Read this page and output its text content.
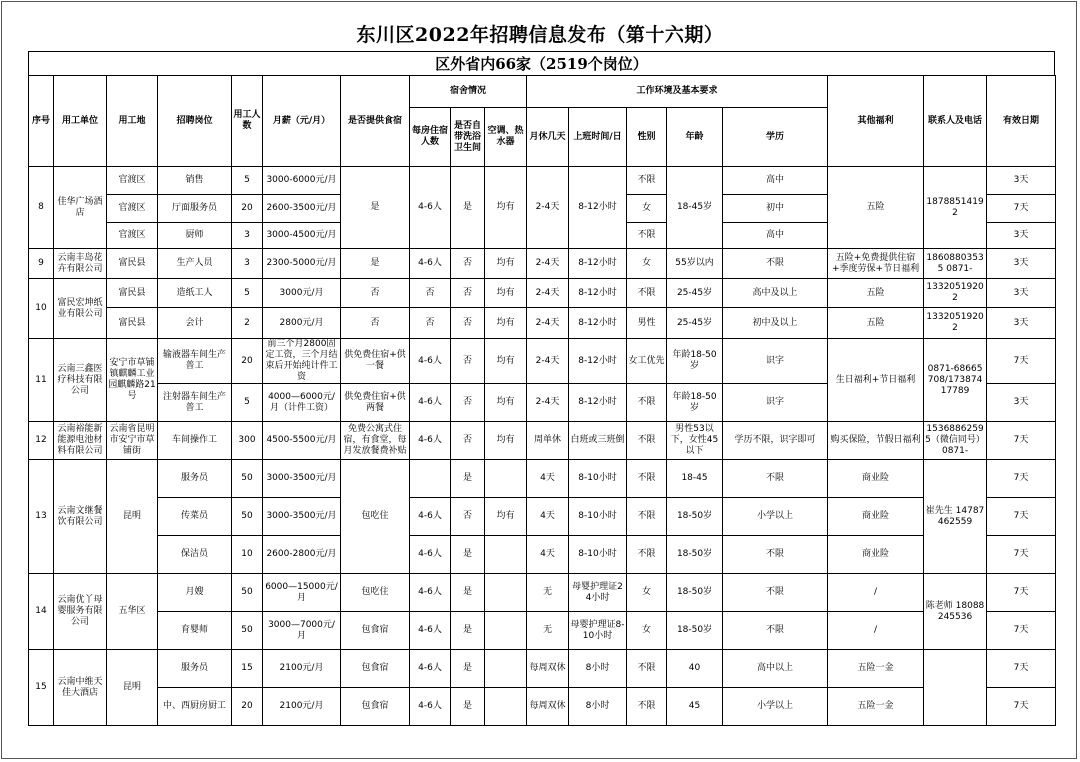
东川区2022年招聘信息发布（第十六期）
区外省内66家（2519个岗位）
序号	用工单位	用工地	招聘岗位	用工人数	月薪（元/月）	是否提供食宿	宿舍情况			工作环境及基本要求					其他福利	联系人及电话	有效日期
							每房住宿人数	是否自带洗浴卫生间	空调、热水器	月休几天	上班时间/日	性别	年龄	学历			
8	佳华广场酒店	官渡区	销售	5	3000-6000元/月	是	4-6人	是	均有	2-4天	8-12小时	不限	18-45岁	高中	五险	18788514192	3天
		官渡区	厅面服务员	20	2600-3500元/月							女		初中			7天
		官渡区	厨师	3	3000-4500元/月							不限		高中			3天
9	云南丰岛花卉有限公司	富民县	生产人员	3	2300-5000元/月	是	4-6人	否	均有	2-4天	8-12小时	女	55岁以内	不限	五险+免费提供住宿+季度劳保+节日福利	18608803535 0871-	3天
10	富民宏坤纸业有限公司	富民县	造纸工人	5	3000元/月	否	否	否	均有	2-4天	8-12小时	不限	25-45岁	高中及以上	五险	13320519202	3天
		富民县	会计	2	2800元/月	否	否	否	均有	2-4天	8-12小时	男性	25-45岁	初中及以上	五险	13320519202	3天
11	云南三鑫医疗科技有限公司	安宁市草铺镇麒麟工业园麒麟路21号	输液器车间生产普工	20	前三个月2800固定工资，三个月结束后开始纯计件工资	供免费住宿+供一餐	4-6人	否	均有	2-4天	8-12小时	女工优先	年龄18-50岁	识字	生日福利+节日福利	0871-68665708/17387417789	7天
			注射器车间生产普工	5	4000—6000元/月（计件工资）	供免费住宿+供两餐	4-6人	否	均有	2-4天	8-12小时	不限	年龄18-50岁	识字			3天
12	云南裕能新能源电池材料有限公司	云南省昆明市安宁市草铺街	车间操作工	300	4500-5500元/月	免费公寓式住宿，有食堂，每月发放餐费补贴	4-6人	否	均有	周单休	白班或三班倒	不限	男性53以下，女性45以下	学历不限，识字即可	购买保险，节假日福利	15368862595（微信同号）0871-	7天
13	云南文继餐饮有限公司	昆明	服务员	50	3000-3500元/月	包吃住		是		4天	8-10小时	不限	18-45	不限	商业险	崔先生 14787462559	7天
			传菜员	50	3000-3500元/月		4-6人	否	均有	4天	8-10小时	不限	18-50岁	小学以上	商业险		7天
			保洁员	10	2600-2800元/月		4-6人	是		4天	8-10小时	不限	18-50岁	不限	商业险		7天
14	云南优丫母婴服务有限公司	五华区	月嫂	50	6000—15000元/月	包吃住	4-6人	是		无	母婴护理证24小时	女	18-50岁	不限	/	陈老师 18088245536	7天
			育婴师	50	3000—7000元/月	包食宿	4-6人	是		无	母婴护理证8-10小时	女	18-50岁	不限	/		7天
15	云南中维天佳大酒店	昆明	服务员	15	2100元/月	包食宿	4-6人	是		每周双休	8小时	不限	40	高中以上	五险一金		7天
			中、西厨房厨工	20	2100元/月	包食宿	4-6人	是		每周双休	8小时	不限	45	小学以上	五险一金		7天
